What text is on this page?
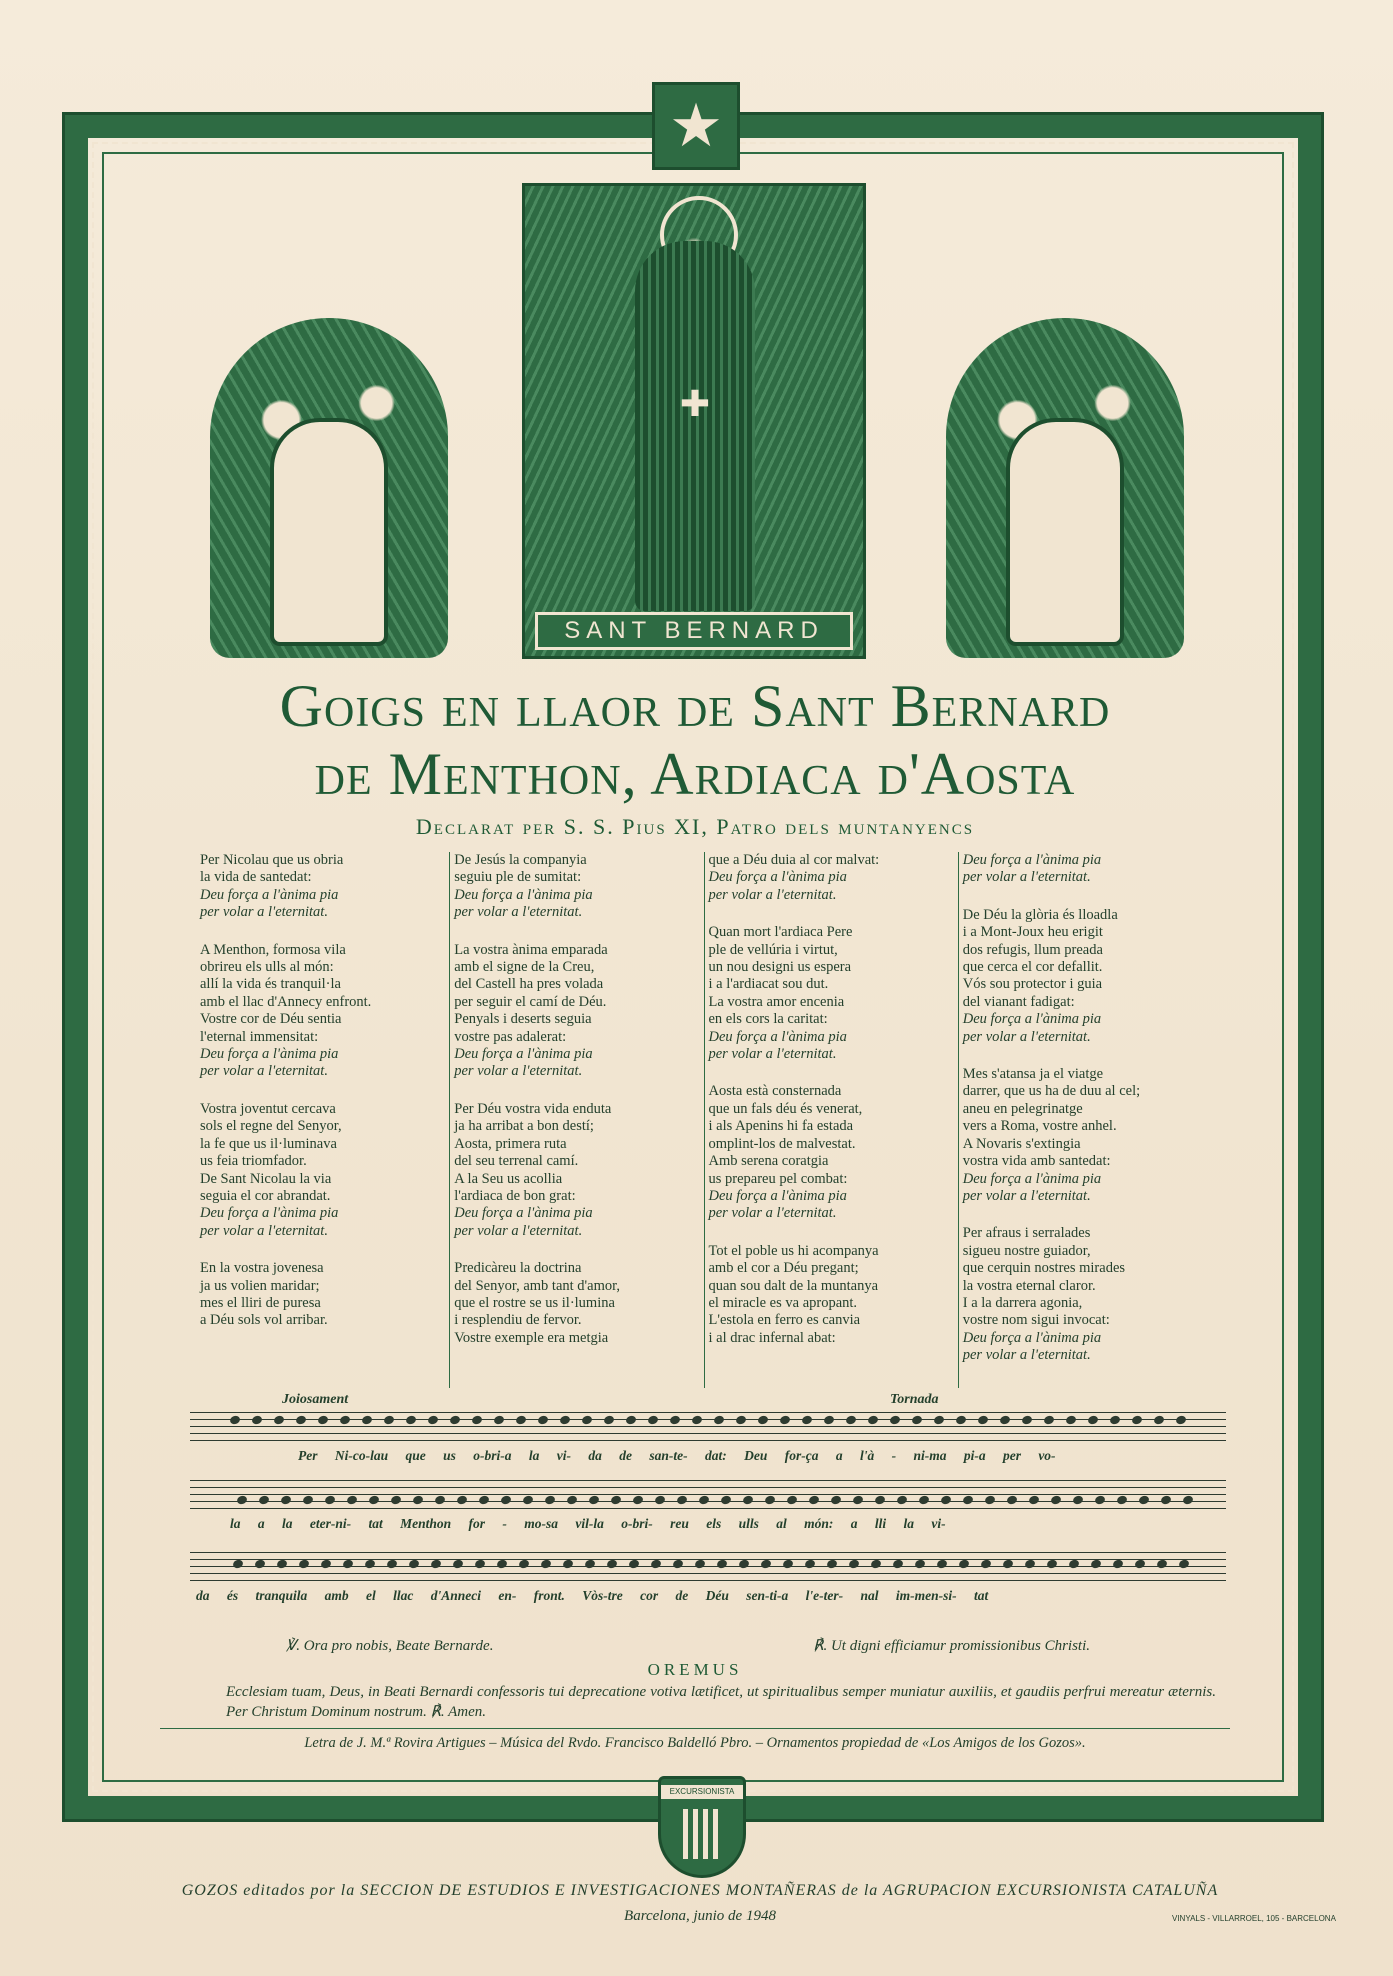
★
✚
SANT BERNARD
Goigs en llaor de Sant Bernard
de Menthon, Ardiaca d'Aosta
Declarat per S. S. Pius XI, Patro dels muntanyencs
Per Nicolau que us obria
la vida de santedat:
Deu força a l'ànima pia
per volar a l'eternitat.
A Menthon, formosa vila
obrireu els ulls al món:
allí la vida és tranquil·la
amb el llac d'Annecy enfront.
Vostre cor de Déu sentia
l'eternal immensitat:
Deu força a l'ànima pia
per volar a l'eternitat.
Vostra joventut cercava
sols el regne del Senyor,
la fe que us il·luminava
us feia triomfador.
De Sant Nicolau la via
seguia el cor abrandat.
Deu força a l'ànima pia
per volar a l'eternitat.
En la vostra jovenesa
ja us volien maridar;
mes el lliri de puresa
a Déu sols vol arribar.
De Jesús la companyia
seguiu ple de sumitat:
Deu força a l'ànima pia
per volar a l'eternitat.
La vostra ànima emparada
amb el signe de la Creu,
del Castell ha pres volada
per seguir el camí de Déu.
Penyals i deserts seguia
vostre pas adalerat:
Deu força a l'ànima pia
per volar a l'eternitat.
Per Déu vostra vida enduta
ja ha arribat a bon destí;
Aosta, primera ruta
del seu terrenal camí.
A la Seu us acollia
l'ardiaca de bon grat:
Deu força a l'ànima pia
per volar a l'eternitat.
Predicàreu la doctrina
del Senyor, amb tant d'amor,
que el rostre se us il·lumina
i resplendiu de fervor.
Vostre exemple era metgia
que a Déu duia al cor malvat:
Deu força a l'ànima pia
per volar a l'eternitat.
Quan mort l'ardiaca Pere
ple de vellúria i virtut,
un nou designi us espera
i a l'ardiacat sou dut.
La vostra amor encenia
en els cors la caritat:
Deu força a l'ànima pia
per volar a l'eternitat.
Aosta està consternada
que un fals déu és venerat,
i als Apenins hi fa estada
omplint-los de malvestat.
Amb serena coratgia
us prepareu pel combat:
Deu força a l'ànima pia
per volar a l'eternitat.
Tot el poble us hi acompanya
amb el cor a Déu pregant;
quan sou dalt de la muntanya
el miracle es va apropant.
L'estola en ferro es canvia
i al drac infernal abat:
Deu força a l'ànima pia
per volar a l'eternitat.
De Déu la glòria és lloadla
i a Mont-Joux heu erigit
dos refugis, llum preada
que cerca el cor defallit.
Vós sou protector i guia
del vianant fadigat:
Deu força a l'ànima pia
per volar a l'eternitat.
Mes s'atansa ja el viatge
darrer, que us ha de duu al cel;
aneu en pelegrinatge
vers a Roma, vostre anhel.
A Novaris s'extingia
vostra vida amb santedat:
Deu força a l'ànima pia
per volar a l'eternitat.
Per afraus i serralades
sigueu nostre guiador,
que cerquin nostres mirades
la vostra eternal claror.
I a la darrera agonia,
vostre nom sigui invocat:
Deu força a l'ànima pia
per volar a l'eternitat.
Joiosament	Tornada
Per Ni-co-lau que us o-bri-a la vi- da de san-te- dat: Deu for-ça a l'à - ni-ma pi-a per vo-
la a la eter-ni- tat Menthon for - mo-sa vil-la o-bri- reu els ulls al món: a lli la vi-
da és tranquila amb el llac d'Anneci en- front. Vòs-tre cor de Déu sen-ti-a l'e-ter- nal im-men-si- tat
℣. Ora pro nobis, Beate Bernarde.	℟. Ut digni efficiamur promissionibus Christi.
OREMUS
Ecclesiam tuam, Deus, in Beati Bernardi confessoris tui deprecatione votiva lætificet, ut spiritualibus semper muniatur auxiliis, et gaudiis perfrui mereatur æternis. Per Christum Dominum nostrum. ℟. Amen.
Letra de J. M.ª Rovira Artigues – Música del Rvdo. Francisco Baldelló Pbro. – Ornamentos propiedad de «Los Amigos de los Gozos».
EXCURSIONISTA
GOZOS editados por la SECCION DE ESTUDIOS E INVESTIGACIONES MONTAÑERAS de la AGRUPACION EXCURSIONISTA CATALUÑA
Barcelona, junio de 1948	VINYALS - VILLARROEL, 105 - BARCELONA
